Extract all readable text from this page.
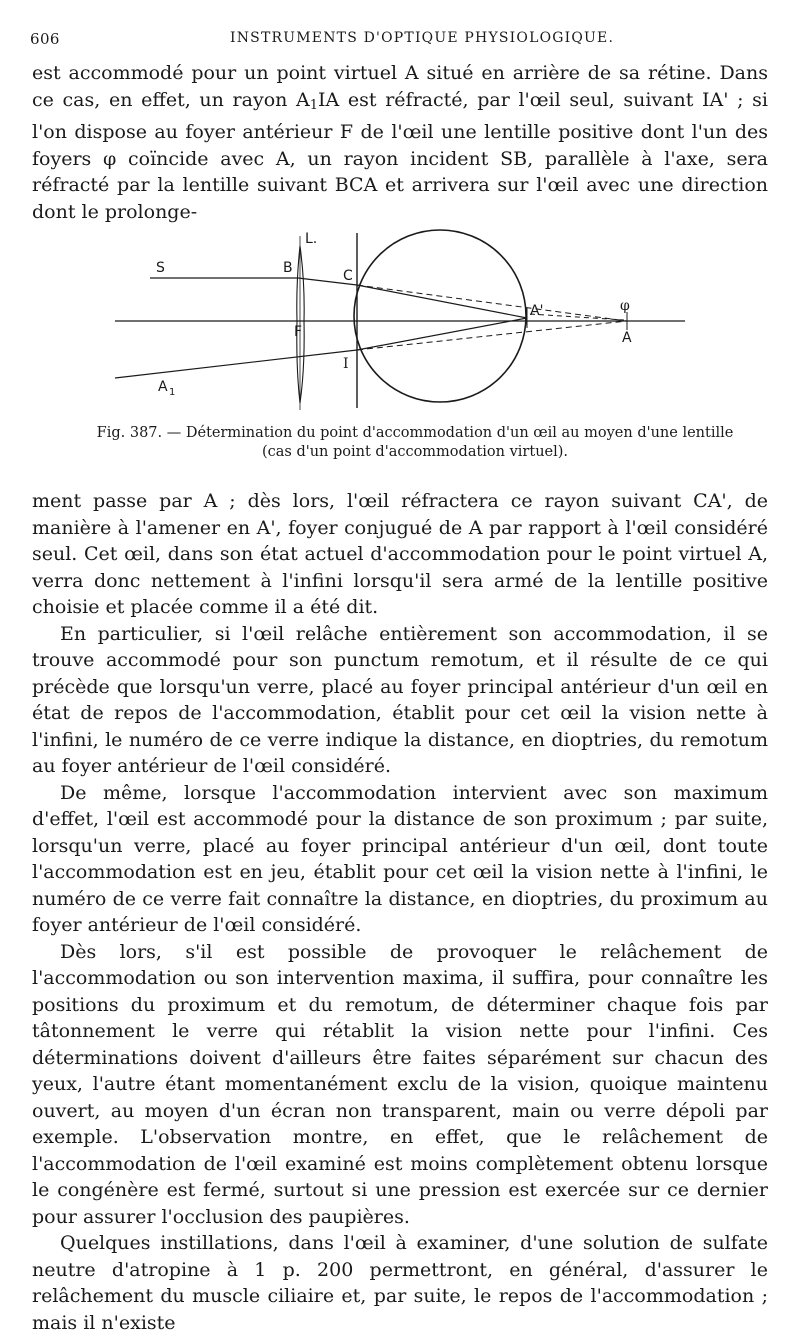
606	INSTRUMENTS D'OPTIQUE PHYSIOLOGIQUE.

est accommodé pour un point virtuel A situé en arrière de sa rétine. Dans ce cas, en effet, un rayon $A_1IA$ est réfracté, par l'œil seul, suivant IA' ; si l'on dispose au foyer antérieur F de l'œil une lentille positive dont l'un des foyers φ coïncide avec A, un rayon incident SB, parallèle à l'axe, sera réfracté par la lentille suivant BCA et arrivera sur l'œil avec une direction dont le prolonge-

S	B
L.
C
F
I
A 1
A'	φ
A
Fig. 387. — Détermination du point d'accommodation d'un œil au moyen d'une lentille
(cas d'un point d'accommodation virtuel).

ment passe par A ; dès lors, l'œil réfractera ce rayon suivant CA', de manière à l'amener en A', foyer conjugué de A par rapport à l'œil considéré seul. Cet œil, dans son état actuel d'accommodation pour le point virtuel A, verra donc nettement à l'infini lorsqu'il sera armé de la lentille positive choisie et placée comme il a été dit.

En particulier, si l'œil relâche entièrement son accommodation, il se trouve accommodé pour son punctum remotum, et il résulte de ce qui précède que lorsqu'un verre, placé au foyer principal antérieur d'un œil en état de repos de l'accommodation, établit pour cet œil la vision nette à l'infini, le numéro de ce verre indique la distance, en dioptries, du remotum au foyer antérieur de l'œil considéré.

De même, lorsque l'accommodation intervient avec son maximum d'effet, l'œil est accommodé pour la distance de son proximum ; par suite, lorsqu'un verre, placé au foyer principal antérieur d'un œil, dont toute l'accommodation est en jeu, établit pour cet œil la vision nette à l'infini, le numéro de ce verre fait connaître la distance, en dioptries, du proximum au foyer antérieur de l'œil considéré.

Dès lors, s'il est possible de provoquer le relâchement de l'accommodation ou son intervention maxima, il suffira, pour connaître les positions du proximum et du remotum, de déterminer chaque fois par tâtonnement le verre qui rétablit la vision nette pour l'infini. Ces déterminations doivent d'ailleurs être faites séparément sur chacun des yeux, l'autre étant momentanément exclu de la vision, quoique maintenu ouvert, au moyen d'un écran non transparent, main ou verre dépoli par exemple. L'observation montre, en effet, que le relâchement de l'accommodation de l'œil examiné est moins complètement obtenu lorsque le congénère est fermé, surtout si une pression est exercée sur ce dernier pour assurer l'occlusion des paupières.

Quelques instillations, dans l'œil à examiner, d'une solution de sulfate neutre d'atropine à 1 p. 200 permettront, en général, d'assurer le relâchement du muscle ciliaire et, par suite, le repos de l'accommodation ; mais il n'existe
